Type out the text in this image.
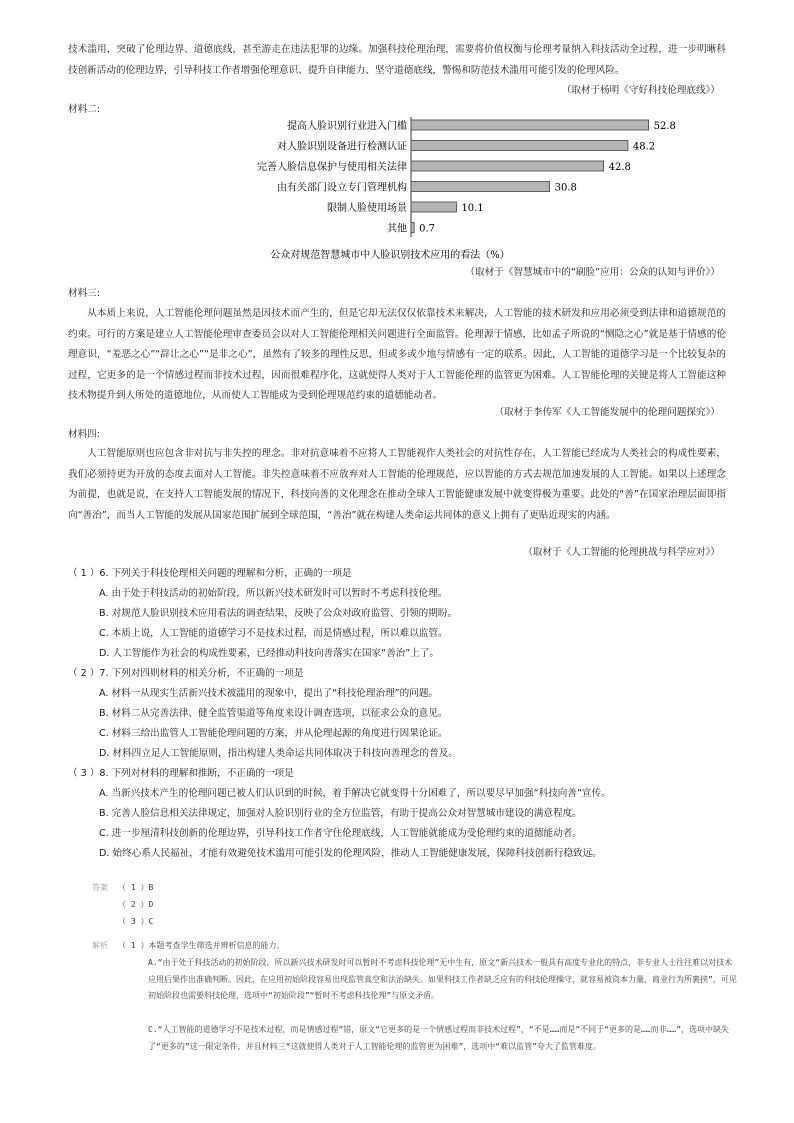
技术滥用，突破了伦理边界、道德底线，甚至游走在违法犯罪的边缘。加强科技伦理治理，需要将价值权衡与伦理考量纳入科技活动全过程，进一步明晰科技创新活动的伦理边界，引导科技工作者增强伦理意识、提升自律能力、坚守道德底线，警惕和防范技术滥用可能引发的伦理风险。

（取材于杨明《守好科技伦理底线》）
材料二:
提高人脸识别行业进入门槛	52.8
对人脸识别设备进行检测认证	48.2
完善人脸信息保护与使用相关法律	42.8
由有关部门设立专门管理机构	30.8
限制人脸使用场景	10.1
其他 0.7
公众对规范智慧城市中人脸识别技术应用的看法（%）
（取材于《智慧城市中的“刷脸”应用：公众的认知与评价》）
材料三:

从本质上来说，人工智能伦理问题虽然是因技术而产生的，但是它却无法仅仅依靠技术来解决，人工智能的技术研发和应用必须受到法律和道德规范的约束。可行的方案是建立人工智能伦理审查委员会以对人工智能伦理相关问题进行全面监管。伦理源于情感，比如孟子所说的“恻隐之心”就是基于情感的伦理意识，“羞恶之心”“辞让之心”“是非之心”，虽然有了较多的理性反思，但或多或少地与情感有一定的联系。因此，人工智能的道德学习是一个比较复杂的过程，它更多的是一个情感过程而非技术过程，因而很难程序化，这就使得人类对于人工智能伦理的监管更为困难。人工智能伦理的关键是将人工智能这种技术物提升到人所处的道德地位，从而使人工智能成为受到伦理规范约束的道德能动者。

（取材于李传军《人工智能发展中的伦理问题探究》）
材料四:

人工智能原则也应包含非对抗与非失控的理念。非对抗意味着不应将人工智能视作人类社会的对抗性存在，人工智能已经成为人类社会的构成性要素，我们必须持更为开放的态度去面对人工智能。非失控意味着不应放弃对人工智能的伦理规范，应以智能的方式去规范加速发展的人工智能。如果以上述理念为前提，也就是说，在支持人工智能发展的情况下，科技向善的文化理念在推动全球人工智能健康发展中就变得极为重要。此处的“善”在国家治理层面即指向“善治”，而当人工智能的发展从国家范围扩展到全球范围，“善治”就在构建人类命运共同体的意义上拥有了更贴近现实的内涵。

（取材于《人工智能的伦理挑战与科学应对》）
（ 1 ）6. 下列关于科技伦理相关问题的理解和分析，正确的一项是
A. 由于处于科技活动的初始阶段，所以新兴技术研发时可以暂时不考虑科技伦理。
B. 对规范人脸识别技术应用看法的调查结果，反映了公众对政府监管、引领的期盼。
C. 本质上说，人工智能的道德学习不是技术过程，而是情感过程，所以难以监管。
D. 人工智能作为社会的构成性要素，已经推动科技向善落实在国家“善治”上了。
（ 2 ）7. 下列对四则材料的相关分析，不正确的一项是
A. 材料一从现实生活新兴技术被滥用的现象中，提出了“科技伦理治理”的问题。
B. 材料二从完善法律、健全监管渠道等角度来设计调查选项，以征求公众的意见。
C. 材料三给出监管人工智能伦理问题的方案，并从伦理起源的角度进行因果论证。
D. 材料四立足人工智能原则，指出构建人类命运共同体取决于科技向善理念的普及。
（ 3 ）8. 下列对材料的理解和推断，不正确的一项是
A. 当新兴技术产生的伦理问题已被人们认识到的时候，着手解决它就变得十分困难了，所以要尽早加强“科技向善”宣传。
B. 完善人脸信息相关法律规定，加强对人脸识别行业的全方位监管，有助于提高公众对智慧城市建设的满意程度。
C. 进一步厘清科技创新的伦理边界，引导科技工作者守住伦理底线，人工智能就能成为受伦理约束的道德能动者。
D. 始终心系人民福祉，才能有效避免技术滥用可能引发的伦理风险，推动人工智能健康发展，保障科技创新行稳致远。
答案 （ 1 ）B
（ 2 ）D
（ 3 ）C
解析 （ 1 ）本题考查学生筛选并辨析信息的能力。

A.“由于处于科技活动的初始阶段，所以新兴技术研发时可以暂时不考虑科技伦理”无中生有，原文“新兴技术一般具有高度专业化的特点，非专业人士往往难以对技术应用后果作出准确判断。因此，在应用初始阶段容易出现监管真空和法治缺失。如果科技工作者缺乏应有的科技伦理操守，就容易被资本力量、商业行为所裹挟”，可见初始阶段也需要科技伦理，选项中“初始阶段”“暂时不考虑科技伦理”与原文矛盾。

C.“人工智能的道德学习不是技术过程，而是情感过程”错，原文“它更多的是一个情感过程而非技术过程”，“不是……而是”不同于“更多的是……而非……”，选项中缺失了“更多的”这一限定条件，并且材料三“这就使得人类对于人工智能伦理的监管更为困难”，选项中“难以监管”夸大了监管难度。
